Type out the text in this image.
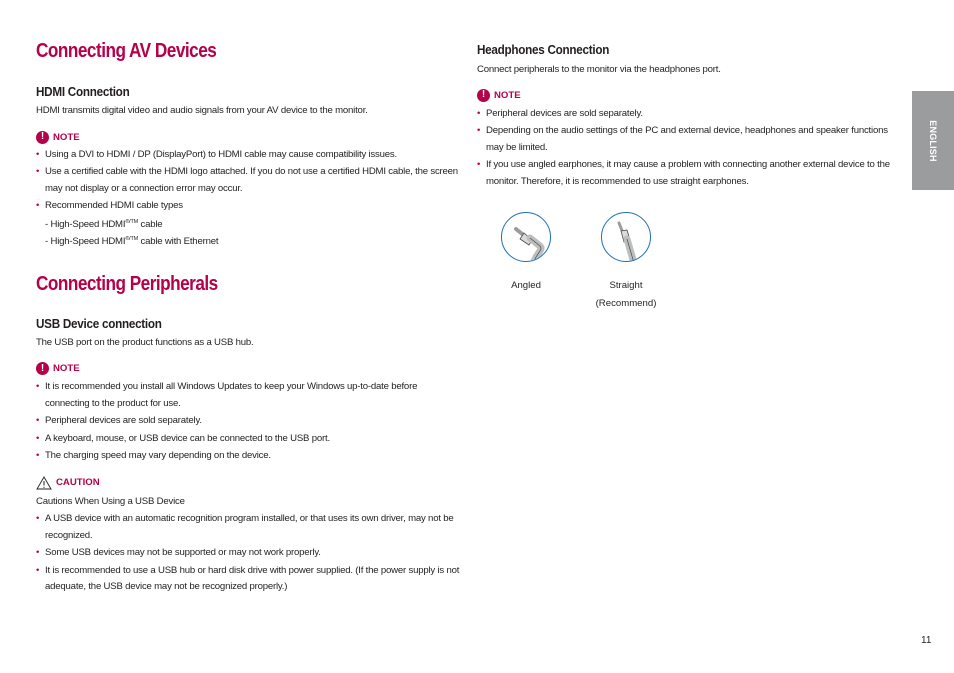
Connecting AV Devices
HDMI Connection

HDMI transmits digital video and audio signals from your AV device to the monitor.

! NOTE
• Using a DVI to HDMI / DP (DisplayPort) to HDMI cable may cause compatibility issues.
• Use a certified cable with the HDMI logo attached. If you do not use a certified HDMI cable, the screen may not display or a connection error may occur.
• Recommended HDMI cable types
- High-Speed $HDMI^{®/TM}$ cable
- High-Speed $HDMI^{®/TM}$ cable with Ethernet
Connecting Peripherals
USB Device connection

The USB port on the product functions as a USB hub.

! NOTE
• It is recommended you install all Windows Updates to keep your Windows up-to-date before connecting to the product for use.
• Peripheral devices are sold separately.
• A keyboard, mouse, or USB device can be connected to the USB port.
• The charging speed may vary depending on the device.
CAUTION

Cautions When Using a USB Device

• A USB device with an automatic recognition program installed, or that uses its own driver, may not be recognized.
• Some USB devices may not be supported or may not work properly.
• It is recommended to use a USB hub or hard disk drive with power supplied. (If the power supply is not adequate, the USB device may not be recognized properly.)
Headphones Connection

Connect peripherals to the monitor via the headphones port.

! NOTE
• Peripheral devices are sold separately.
• Depending on the audio settings of the PC and external device, headphones and speaker functions may be limited.
• If you use angled earphones, it may cause a problem with connecting another external device to the monitor. Therefore, it is recommended to use straight earphones.
Angled	Straight
(Recommend)
ENGLISH
11
